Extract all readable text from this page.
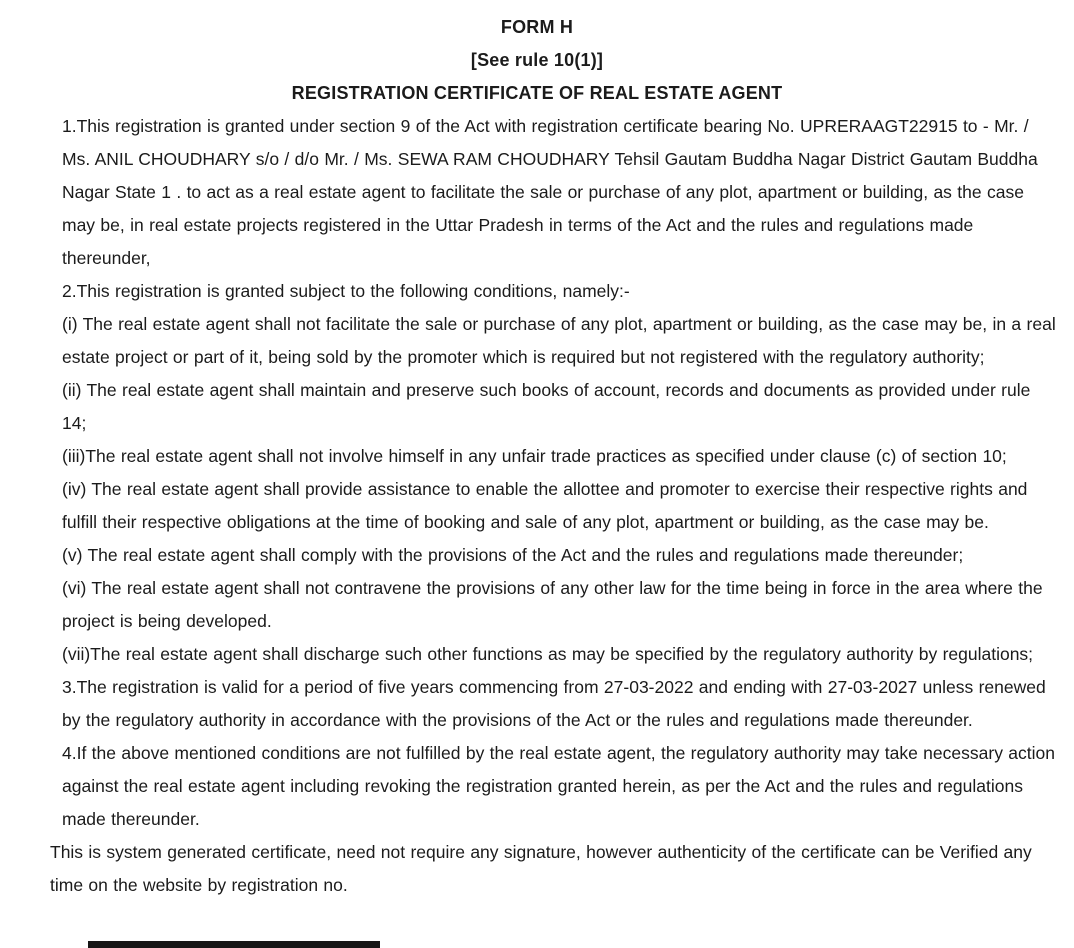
FORM H
[See rule 10(1)]
REGISTRATION CERTIFICATE OF REAL ESTATE AGENT

1.This registration is granted under section 9 of the Act with registration certificate bearing No. UPRERAAGT22915 to - Mr. / Ms. ANIL CHOUDHARY s/o / d/o Mr. / Ms. SEWA RAM CHOUDHARY Tehsil Gautam Buddha Nagar District Gautam Buddha Nagar State 1 . to act as a real estate agent to facilitate the sale or purchase of any plot, apartment or building, as the case may be, in real estate projects registered in the Uttar Pradesh in terms of the Act and the rules and regulations made thereunder,

2.This registration is granted subject to the following conditions, namely:-

(i) The real estate agent shall not facilitate the sale or purchase of any plot, apartment or building, as the case may be, in a real estate project or part of it, being sold by the promoter which is required but not registered with the regulatory authority;

(ii) The real estate agent shall maintain and preserve such books of account, records and documents as provided under rule 14;

(iii)The real estate agent shall not involve himself in any unfair trade practices as specified under clause (c) of section 10;

(iv) The real estate agent shall provide assistance to enable the allottee and promoter to exercise their respective rights and fulfill their respective obligations at the time of booking and sale of any plot, apartment or building, as the case may be.

(v) The real estate agent shall comply with the provisions of the Act and the rules and regulations made thereunder;

(vi) The real estate agent shall not contravene the provisions of any other law for the time being in force in the area where the project is being developed.

(vii)The real estate agent shall discharge such other functions as may be specified by the regulatory authority by regulations;

3.The registration is valid for a period of five years commencing from 27-03-2022 and ending with 27-03-2027 unless renewed by the regulatory authority in accordance with the provisions of the Act or the rules and regulations made thereunder.

4.If the above mentioned conditions are not fulfilled by the real estate agent, the regulatory authority may take necessary action against the real estate agent including revoking the registration granted herein, as per the Act and the rules and regulations made thereunder.

This is system generated certificate, need not require any signature, however authenticity of the certificate can be Verified any time on the website by registration no.
